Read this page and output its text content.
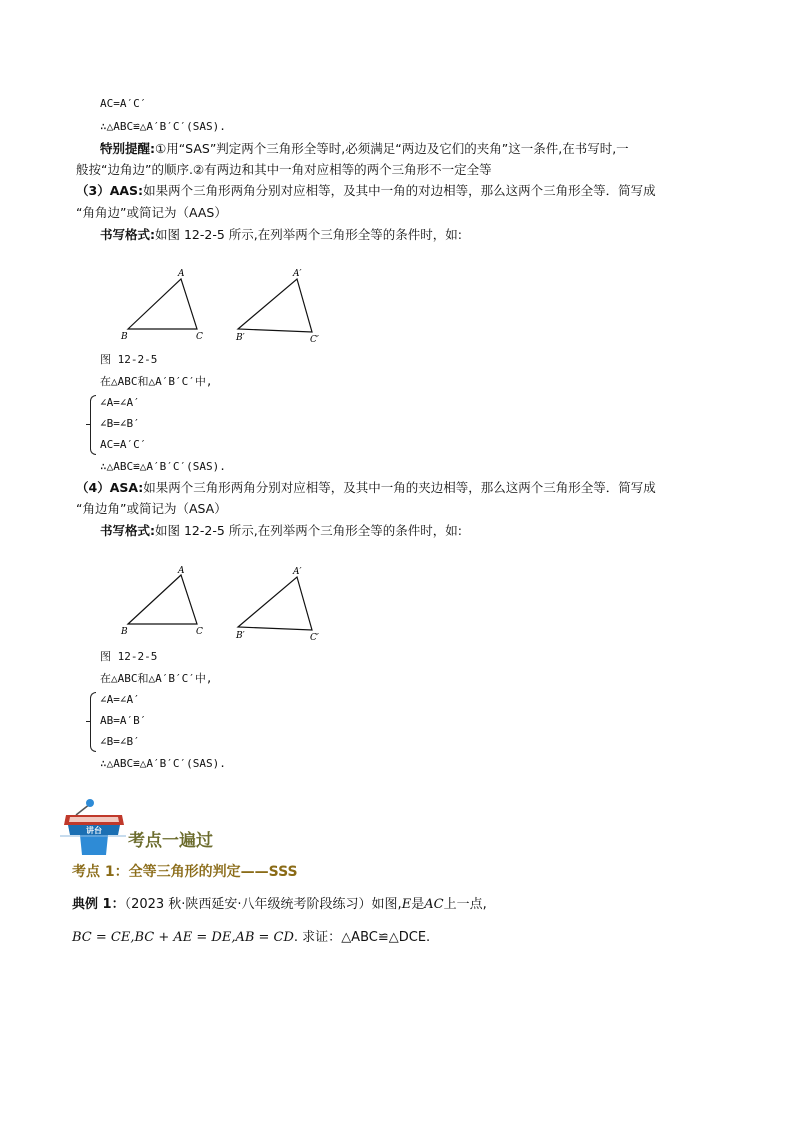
AC=A′C′
∴△ABC≌△A′B′C′(SAS).
特别提醒:①用“SAS”判定两个三角形全等时,必须满足“两边及它们的夹角”这一条件,在书写时,一
般按“边角边”的顺序.②有两边和其中一角对应相等的两个三角形不一定全等
（3）AAS:如果两个三角形两角分别对应相等，及其中一角的对边相等，那么这两个三角形全等．简写成
“角角边”或简记为（AAS）
书写格式:如图 12-2-5 所示,在列举两个三角形全等的条件时，如:
A
B	C
A′
B′	C′
图 12-2-5
在△ABC和△A′B′C′中,
∠A=∠A′
∠B=∠B′
AC=A′C′
∴△ABC≌△A′B′C′(SAS).
（4）ASA:如果两个三角形两角分别对应相等，及其中一角的夹边相等，那么这两个三角形全等．简写成
“角边角”或简记为（ASA）
书写格式:如图 12-2-5 所示,在列举两个三角形全等的条件时，如:
A
B	C
A′
B′	C′
图 12-2-5
在△ABC和△A′B′C′中,
∠A=∠A′
AB=A′B′
∠B=∠B′
∴△ABC≌△A′B′C′(SAS).
讲台
考点一遍过
考点 1：全等三角形的判定——SSS
典例 1：（2023 秋·陕西延安·八年级统考阶段练习）如图,E是AC上一点,
BC = CE,BC + AE = DE,AB = CD. 求证：△ABC≌△DCE.
